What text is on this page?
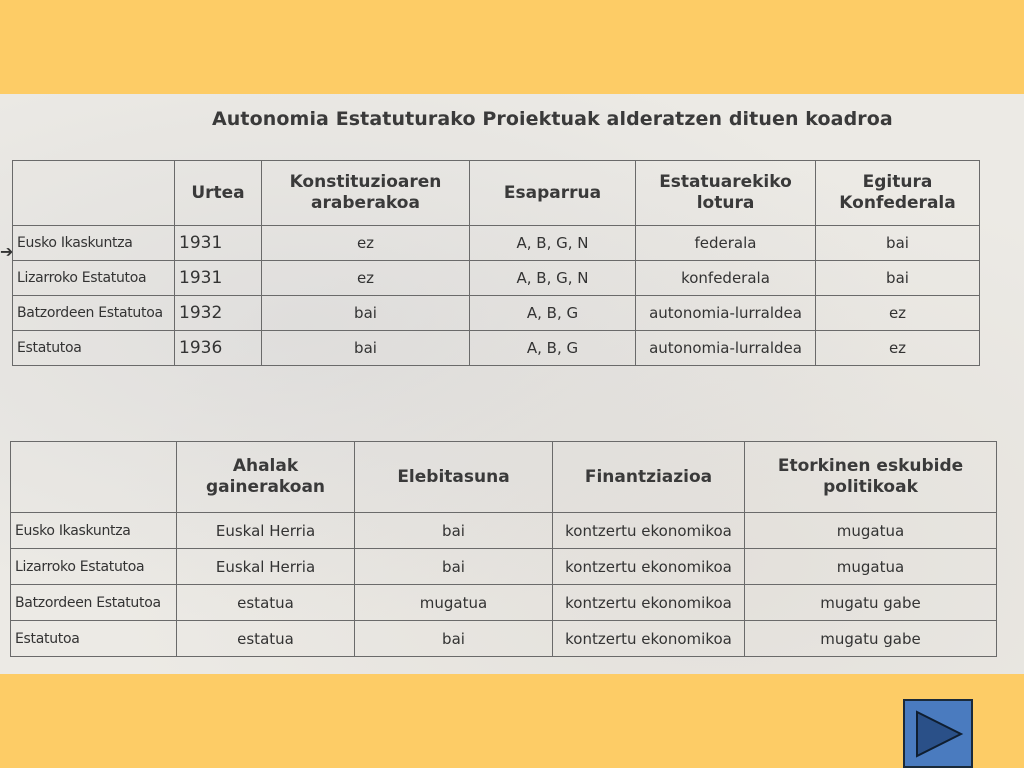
Autonomia Estatuturako Proiektuak alderatzen dituen koadroa
➔
	Urtea	Konstituzioaren araberakoa	Esaparrua	Estatuarekiko lotura	Egitura Konfederala
Eusko Ikaskuntza	1931	ez	A, B, G, N	federala	bai
Lizarroko Estatutoa	1931	ez	A, B, G, N	konfederala	bai
Batzordeen Estatutoa	1932	bai	A, B, G	autonomia-lurraldea	ez
Estatutoa	1936	bai	A, B, G	autonomia-lurraldea	ez
	Ahalak gainerakoan	Elebitasuna	Finantziazioa	Etorkinen eskubide politikoak
Eusko Ikaskuntza	Euskal Herria	bai	kontzertu ekonomikoa	mugatua
Lizarroko Estatutoa	Euskal Herria	bai	kontzertu ekonomikoa	mugatua
Batzordeen Estatutoa	estatua	mugatua	kontzertu ekonomikoa	mugatu gabe
Estatutoa	estatua	bai	kontzertu ekonomikoa	mugatu gabe
